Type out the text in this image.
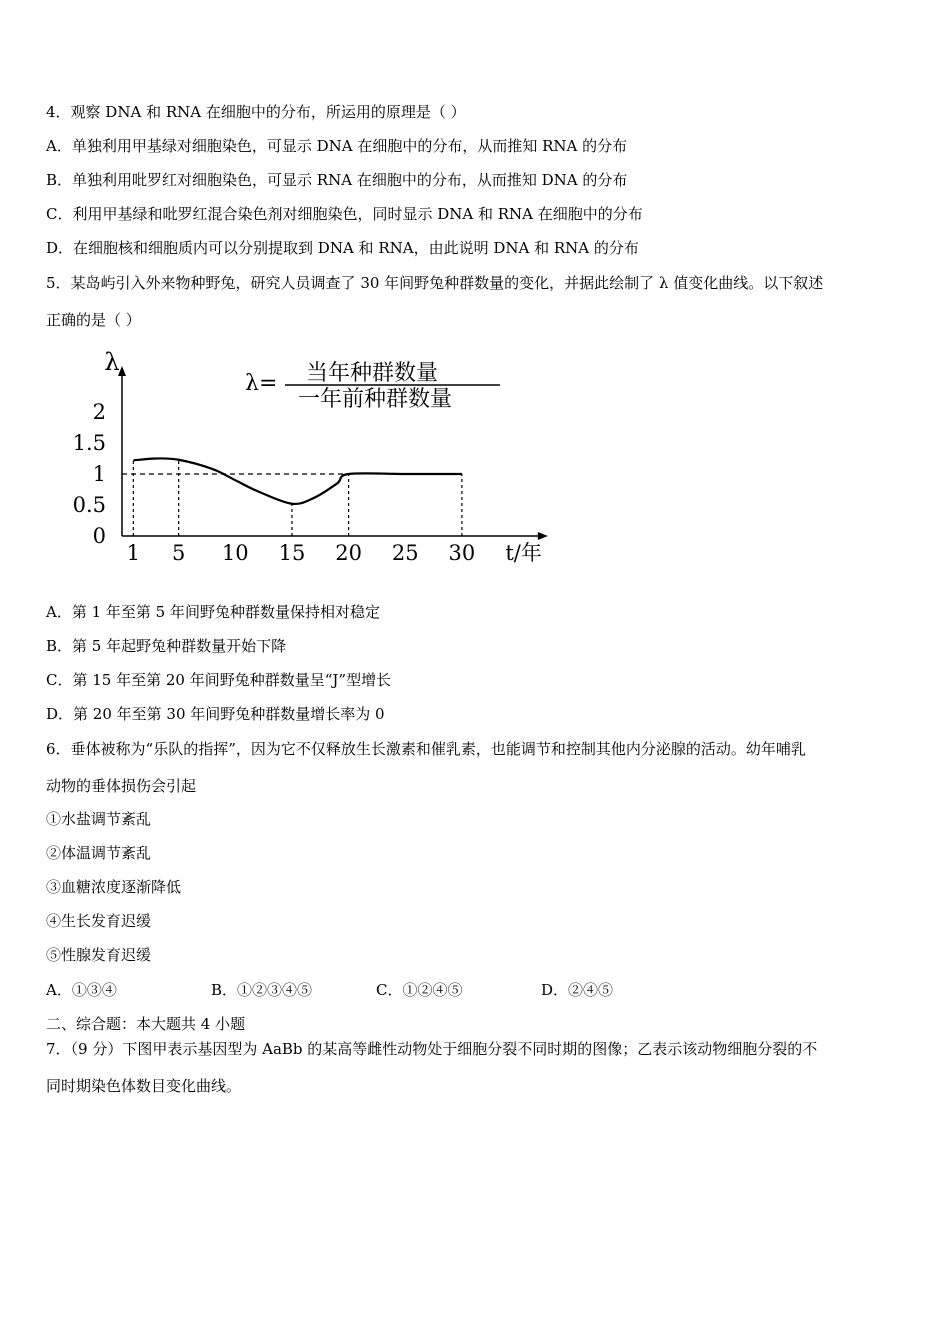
4．观察 DNA 和 RNA 在细胞中的分布，所运用的原理是（ ）
A．单独利用甲基绿对细胞染色，可显示 DNA 在细胞中的分布，从而推知 RNA 的分布
B．单独利用吡罗红对细胞染色，可显示 RNA 在细胞中的分布，从而推知 DNA 的分布
C．利用甲基绿和吡罗红混合染色剂对细胞染色，同时显示 DNA 和 RNA 在细胞中的分布
D．在细胞核和细胞质内可以分别提取到 DNA 和 RNA，由此说明 DNA 和 RNA 的分布
5．某岛屿引入外来物种野兔，研究人员调查了 30 年间野兔种群数量的变化，并据此绘制了 λ 值变化曲线。以下叙述
正确的是（ ）
1 5 10 15 20 25 30
0
0.5
1
1.5
2
λ
t/年
λ= 当年种群数量
一年前种群数量
A．第 1 年至第 5 年间野兔种群数量保持相对稳定
B．第 5 年起野兔种群数量开始下降
C．第 15 年至第 20 年间野兔种群数量呈“J”型增长
D．第 20 年至第 30 年间野兔种群数量增长率为 0
6．垂体被称为“乐队的指挥”，因为它不仅释放生长激素和催乳素，也能调节和控制其他内分泌腺的活动。幼年哺乳
动物的垂体损伤会引起
①水盐调节紊乱
②体温调节紊乱
③血糖浓度逐渐降低
④生长发育迟缓
⑤性腺发育迟缓
A．①③④	B．①②③④⑤	C．①②④⑤	D．②④⑤
二、综合题：本大题共 4 小题
7．（9 分）下图甲表示基因型为 AaBb 的某高等雌性动物处于细胞分裂不同时期的图像；乙表示该动物细胞分裂的不
同时期染色体数目变化曲线。
